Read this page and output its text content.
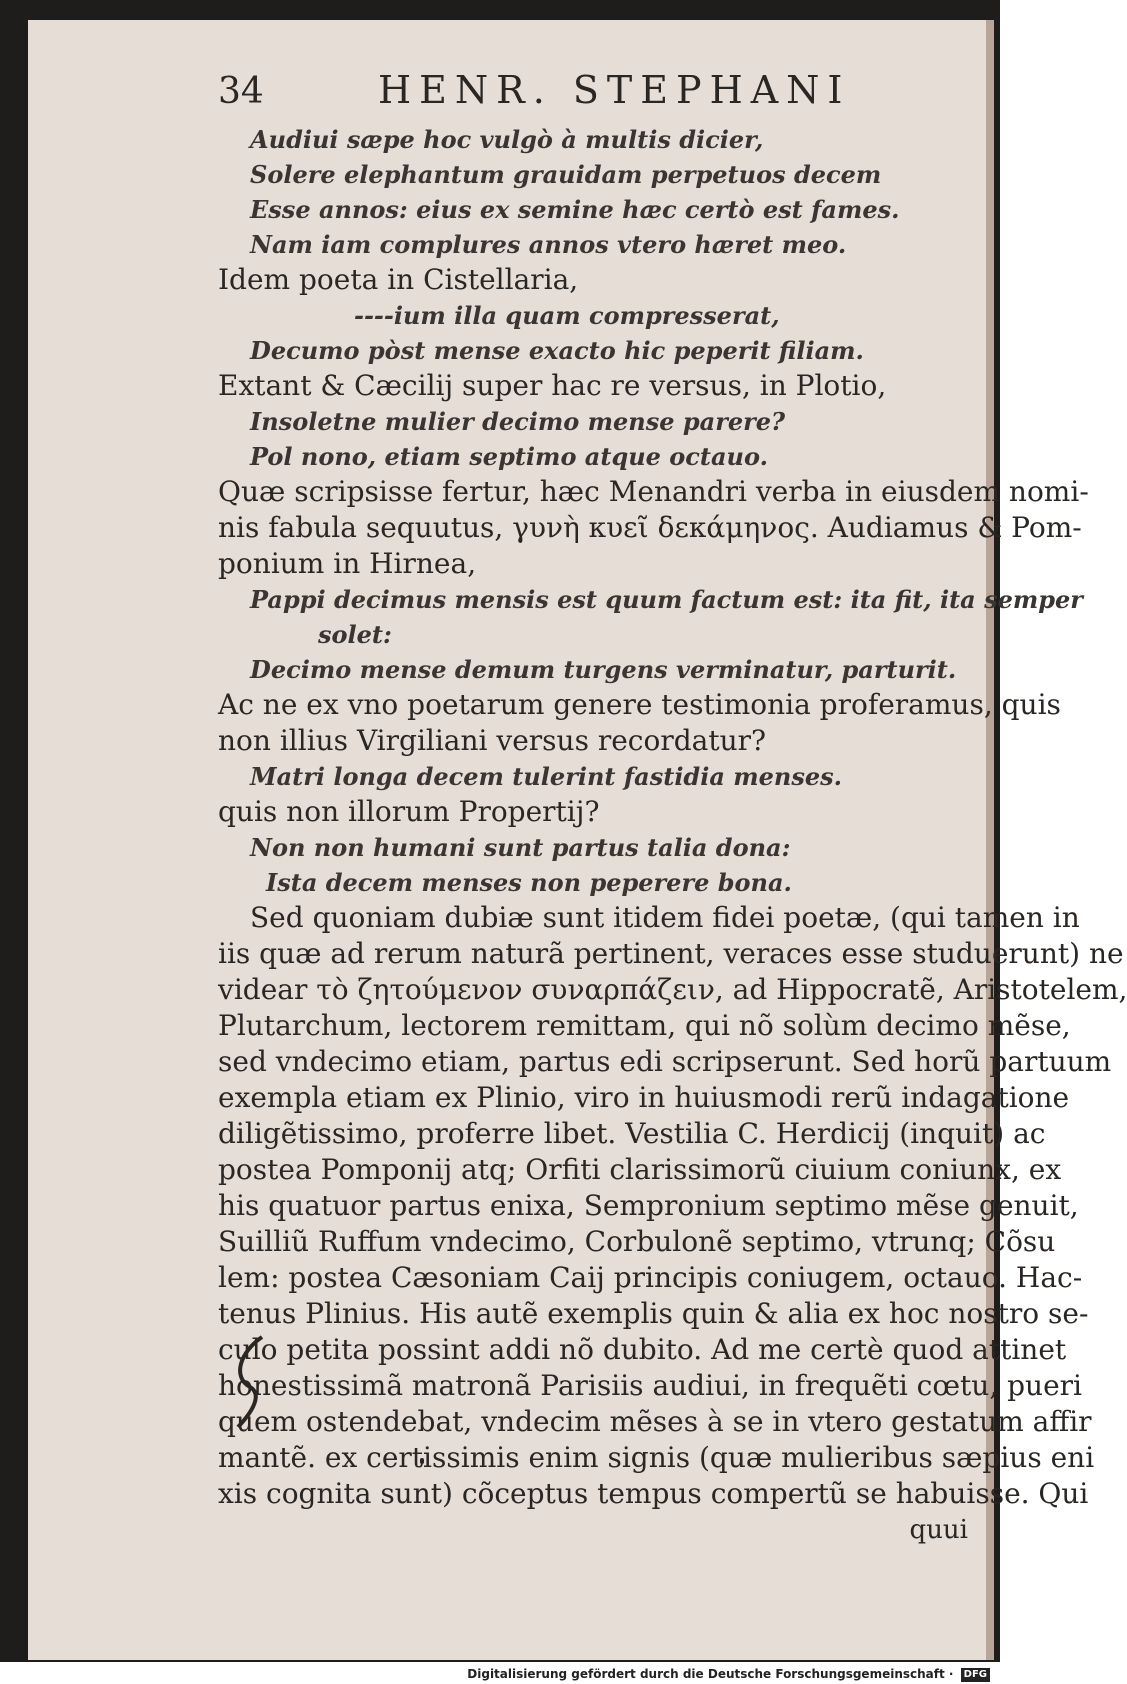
34	HENR. STEPHANI
Audiui sæpe hoc vulgò à multis dicier,
Solere elephantum grauidam perpetuos decem
Esse annos: eius ex semine hæc certò est fames.
Nam iam complures annos vtero hæret meo.
Idem poeta in Cistellaria,
----ium illa quam compresserat,
Decumo pòst mense exacto hic peperit filiam.
Extant & Cæcilij super hac re versus, in Plotio,
Insoletne mulier decimo mense parere?
Pol nono, etiam septimo atque octauo.
Quæ scripsisse fertur, hæc Menandri verba in eiusdem nomi-
nis fabula sequutus, γυνὴ κυεῖ δεκάμηνος. Audiamus & Pom-
ponium in Hirnea,
Pappi decimus mensis est quum factum est: ita fit, ita semper
solet:
Decimo mense demum turgens verminatur, parturit.
Ac ne ex vno poetarum genere testimonia proferamus, quis
non illius Virgiliani versus recordatur?
Matri longa decem tulerint fastidia menses.
quis non illorum Propertij?
Non non humani sunt partus talia dona:
Ista decem menses non peperere bona.
Sed quoniam dubiæ sunt itidem fidei poetæ, (qui tamen in
iis quæ ad rerum naturã pertinent, veraces esse studuerunt) ne
videar τὸ ζητούμενον συναρπάζειν, ad Hippocratẽ, Aristotelem,
Plutarchum, lectorem remittam, qui nõ solùm decimo mẽse,
sed vndecimo etiam, partus edi scripserunt. Sed horũ partuum
exempla etiam ex Plinio, viro in huiusmodi rerũ indagatione
diligẽtissimo, proferre libet. Vestilia C. Herdicij (inquit) ac
postea Pomponij atq; Orfiti clarissimorũ ciuium coniunx, ex
his quatuor partus enixa, Sempronium septimo mẽse genuit,
Suilliũ Ruffum vndecimo, Corbulonẽ septimo, vtrunq; Cõsu
lem: postea Cæsoniam Caij principis coniugem, octauo. Hac-
tenus Plinius. His autẽ exemplis quin & alia ex hoc nostro se-
culo petita possint addi nõ dubito. Ad me certè quod attinet
honestissimã matronã Parisiis audiui, in frequẽti cœtu, pueri
quem ostendebat, vndecim mẽses à se in vtero gestatum affir
mantẽ. ex certissimis enim signis (quæ mulieribus sæpius eni
xis cognita sunt) cõceptus tempus compertũ se habuisse. Qui
quui
Digitalisierung gefördert durch die Deutsche Forschungsgemeinschaft · DFG
